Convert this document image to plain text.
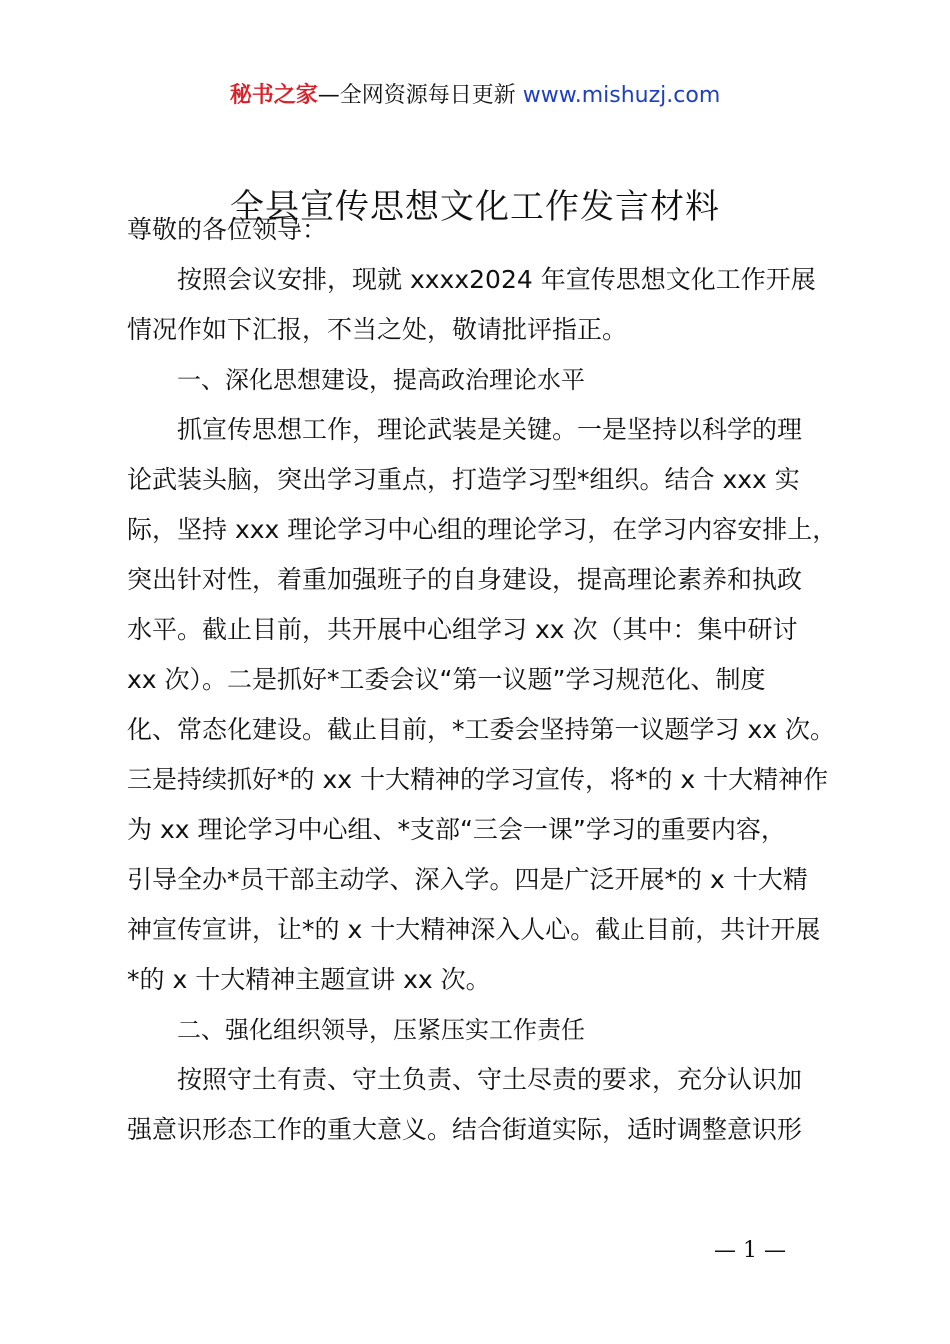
秘书之家—全网资源每日更新 www.mishuzj.com
全县宣传思想文化工作发言材料
尊敬的各位领导：
按照会议安排，现就 xxxx2024 年宣传思想文化工作开展
情况作如下汇报，不当之处，敬请批评指正。
一、深化思想建设，提高政治理论水平
抓宣传思想工作，理论武装是关键。一是坚持以科学的理
论武装头脑，突出学习重点，打造学习型*组织。结合 xxx 实
际，坚持 xxx 理论学习中心组的理论学习，在学习内容安排上，
突出针对性，着重加强班子的自身建设，提高理论素养和执政
水平。截止目前，共开展中心组学习 xx 次（其中：集中研讨
xx 次）。二是抓好*工委会议“第一议题”学习规范化、制度
化、常态化建设。截止目前，*工委会坚持第一议题学习 xx 次。
三是持续抓好*的 xx 十大精神的学习宣传，将*的 x 十大精神作
为 xx 理论学习中心组、*支部“三会一课”学习的重要内容，
引导全办*员干部主动学、深入学。四是广泛开展*的 x 十大精
神宣传宣讲，让*的 x 十大精神深入人心。截止目前，共计开展
*的 x 十大精神主题宣讲 xx 次。
二、强化组织领导，压紧压实工作责任
按照守土有责、守土负责、守土尽责的要求，充分认识加
强意识形态工作的重大意义。结合街道实际，适时调整意识形
— 1 —
